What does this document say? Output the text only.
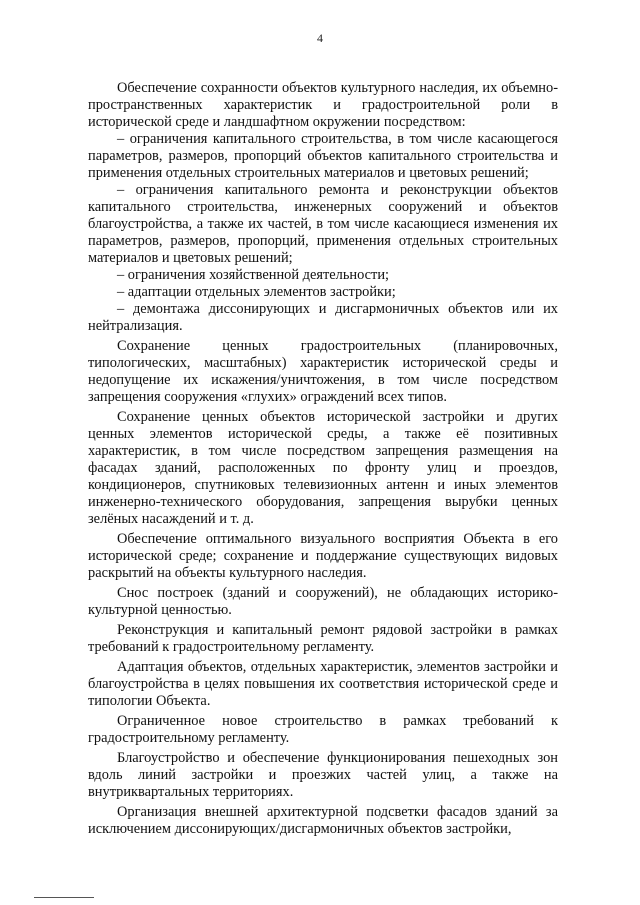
4

Обеспечение сохранности объектов культурного наследия, их объемно-пространственных характеристик и градостроительной роли в исторической среде и ландшафтном окружении посредством:

– ограничения капитального строительства, в том числе касающегося параметров, размеров, пропорций объектов капитального строительства и применения отдельных строительных материалов и цветовых решений;

– ограничения капитального ремонта и реконструкции объектов капитального строительства, инженерных сооружений и объектов благоустройства, а также их частей, в том числе касающиеся изменения их параметров, размеров, пропорций, применения отдельных строительных материалов и цветовых решений;

– ограничения хозяйственной деятельности;

– адаптации отдельных элементов застройки;

– демонтажа диссонирующих и дисгармоничных объектов или их нейтрализация.

Сохранение ценных градостроительных (планировочных, типологических, масштабных) характеристик исторической среды и недопущение их искажения/уничтожения, в том числе посредством запрещения сооружения «глухих» ограждений всех типов.

Сохранение ценных объектов исторической застройки и других ценных элементов исторической среды, а также её позитивных характеристик, в том числе посредством запрещения размещения на фасадах зданий, расположенных по фронту улиц и проездов, кондиционеров, спутниковых телевизионных антенн и иных элементов инженерно-технического оборудования, запрещения вырубки ценных зелёных насаждений и т. д.

Обеспечение оптимального визуального восприятия Объекта в его исторической среде; сохранение и поддержание существующих видовых раскрытий на объекты культурного наследия.

Снос построек (зданий и сооружений), не обладающих историко-культурной ценностью.

Реконструкция и капитальный ремонт рядовой застройки в рамках требований к градостроительному регламенту.

Адаптация объектов, отдельных характеристик, элементов застройки и благоустройства в целях повышения их соответствия исторической среде и типологии Объекта.

Ограниченное новое строительство в рамках требований к градостроительному регламенту.

Благоустройство и обеспечение функционирования пешеходных зон вдоль линий застройки и проезжих частей улиц, а также на внутриквартальных территориях.

Организация внешней архитектурной подсветки фасадов зданий за исключением диссонирующих/дисгармоничных объектов застройки,
